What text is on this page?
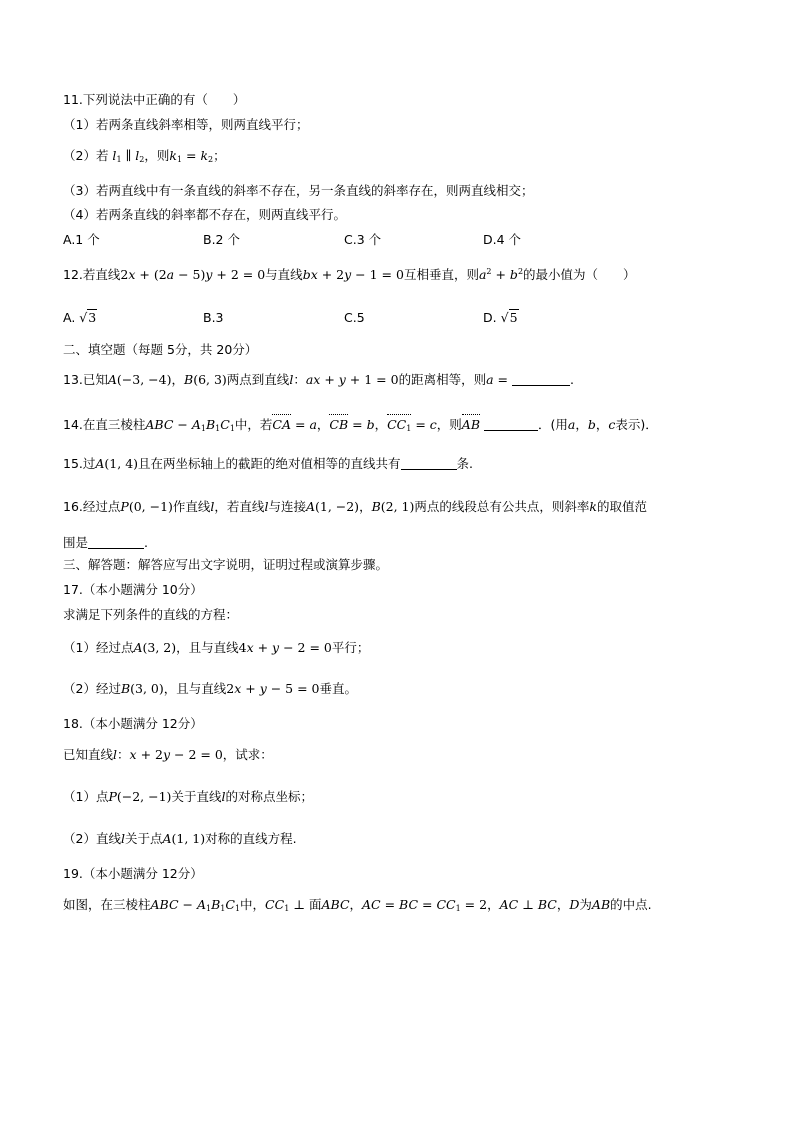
11.下列说法中正确的有（　　）
（1）若两条直线斜率相等，则两直线平行；
（2）若 $l_1$ ∥ $l_2$，则$k_1 = k_2$；
（3）若两直线中有一条直线的斜率不存在，另一条直线的斜率存在，则两直线相交；
（4）若两条直线的斜率都不存在，则两直线平行。
A.1 个	B.2 个	C.3 个	D.4 个
12.若直线2x + (2a − 5)y + 2 = 0与直线bx + 2y − 1 = 0互相垂直，则$a^2 + b^2$的最小值为（　　）
A. √3	B.3	C.5	D. √5
二、填空题（每题 5分，共 20分）
13.已知A(−3, −4)，B(6, 3)两点到直线l：ax + y + 1 = 0的距离相等，则a =	.
14.在直三棱柱ABC − $A_1B_1C_1$中，若CA = a，CB = b，$CC_1 = c$，则AB	．(用a，b，c表示)．
15.过A(1, 4)且在两坐标轴上的截距的绝对值相等的直线共有	条.
16.经过点P(0, −1)作直线l，若直线l与连接A(1, −2)，B(2, 1)两点的线段总有公共点，则斜率k的取值范
围是	.
三、解答题：解答应写出文字说明，证明过程或演算步骤。
17.（本小题满分 10分）
求满足下列条件的直线的方程：
（1）经过点A(3, 2)，且与直线4x + y − 2 = 0平行；
（2）经过B(3, 0)，且与直线2x + y − 5 = 0垂直。
18.（本小题满分 12分）
已知直线l：x + 2y − 2 = 0，试求：
（1）点P(−2, −1)关于直线l的对称点坐标；
（2）直线l关于点A(1, 1)对称的直线方程.
19.（本小题满分 12分）
如图，在三棱柱ABC − $A_1B_1C_1$中，$CC_1$ ⊥ 面ABC，AC = BC = $CC_1 = 2$，AC ⊥ BC，D为AB的中点.
